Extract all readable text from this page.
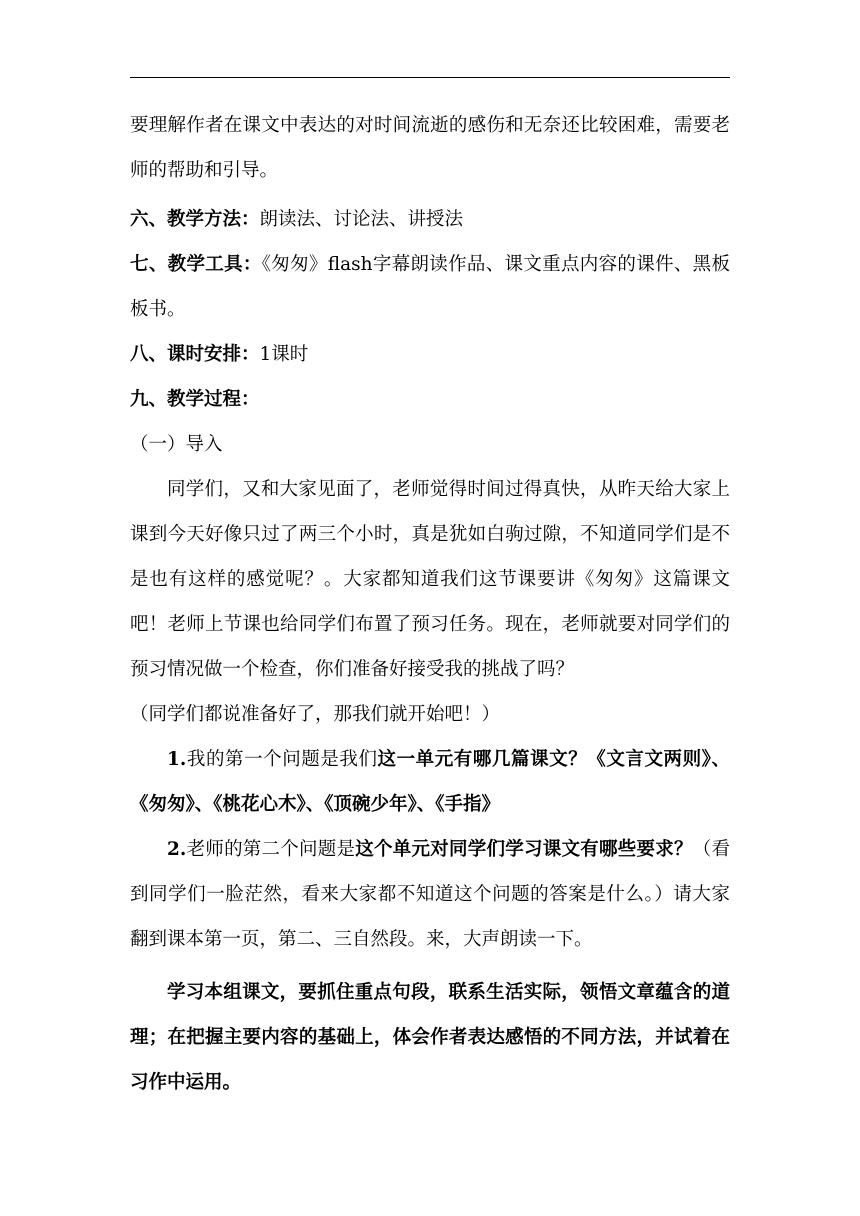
要理解作者在课文中表达的对时间流逝的感伤和无奈还比较困难，需要老师的帮助和引导。

六、教学方法：朗读法、讨论法、讲授法

七、教学工具：《匆匆》flash字幕朗读作品、课文重点内容的课件、黑板板书。

八、课时安排：1课时

九、教学过程：

（一）导入

同学们，又和大家见面了，老师觉得时间过得真快，从昨天给大家上课到今天好像只过了两三个小时，真是犹如白驹过隙，不知道同学们是不是也有这样的感觉呢？。大家都知道我们这节课要讲《匆匆》这篇课文吧！老师上节课也给同学们布置了预习任务。现在，老师就要对同学们的预习情况做一个检查，你们准备好接受我的挑战了吗？

（同学们都说准备好了，那我们就开始吧！）

1.我的第一个问题是我们这一单元有哪几篇课文？《文言文两则》、《匆匆》、《桃花心木》、《顶碗少年》、《手指》

2.老师的第二个问题是这个单元对同学们学习课文有哪些要求？（看到同学们一脸茫然，看来大家都不知道这个问题的答案是什么。）请大家翻到课本第一页，第二、三自然段。来，大声朗读一下。

学习本组课文，要抓住重点句段，联系生活实际，领悟文章蕴含的道理；在把握主要内容的基础上，体会作者表达感悟的不同方法，并试着在习作中运用。
